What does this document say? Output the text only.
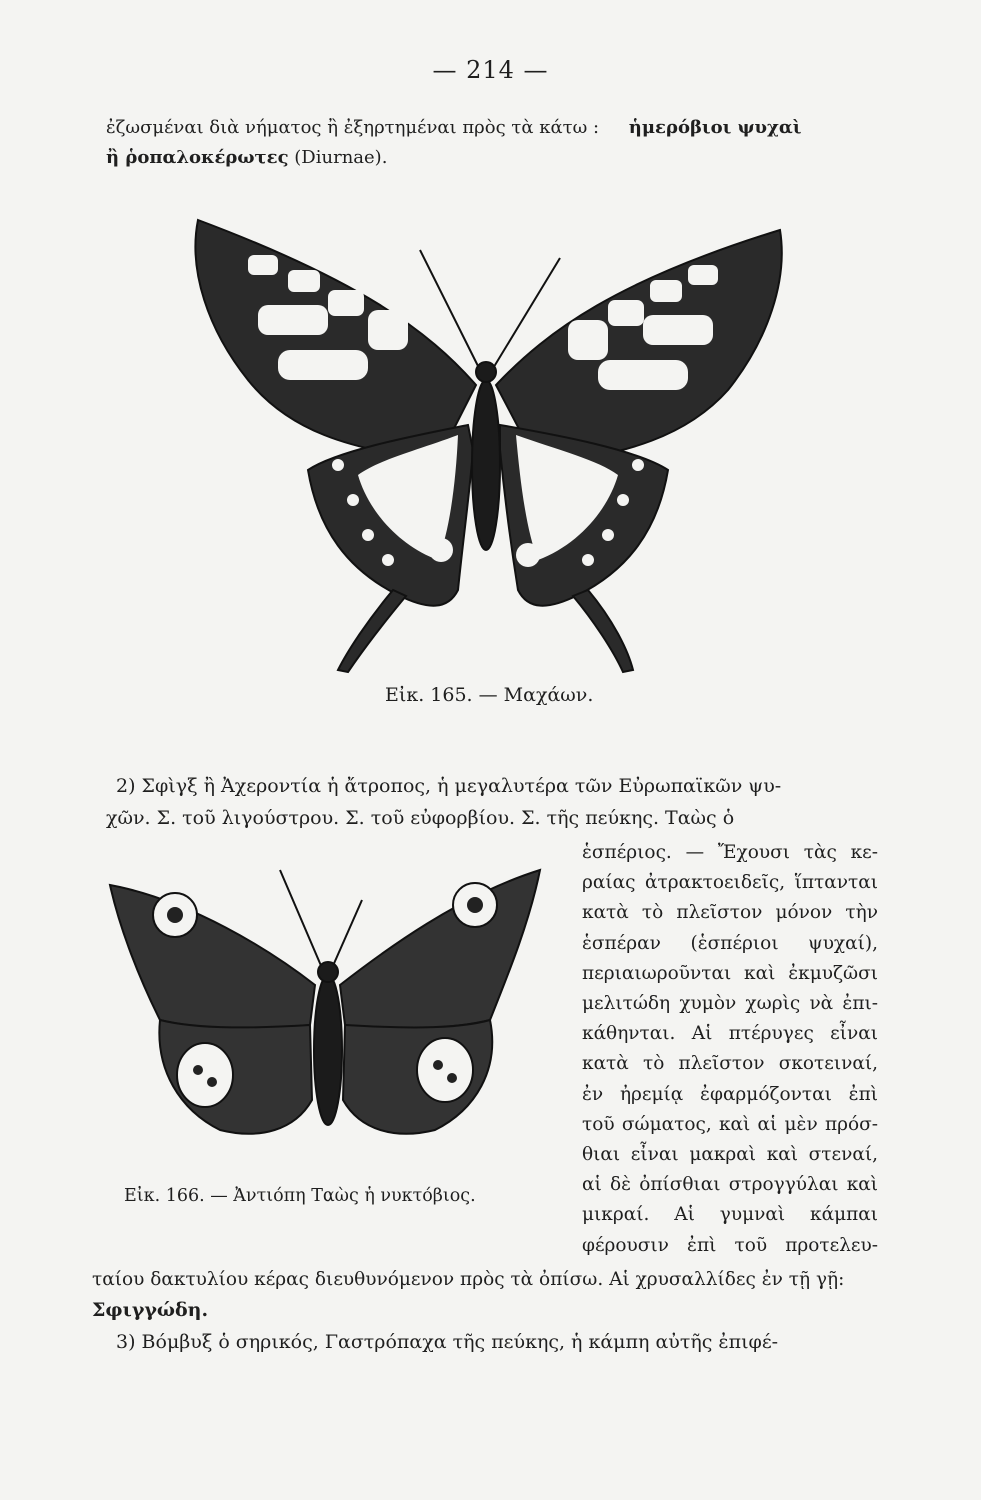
— 214 —
ἐζωσμέναι διὰ νήματος ἢ ἐξηρτημέναι πρὸς τὰ κάτω : ἡμερόβιοι ψυχαὶ
ἢ ῥοπαλοκέρωτες (Diurnae).
Εἰκ. 165. — Μαχάων.
2) Σφὶγξ ἢ Ἀχεροντία ἡ ἄτροπος, ἡ μεγαλυτέρα τῶν Εὐρωπαϊκῶν ψυ-
χῶν. Σ. τοῦ λιγούστρου. Σ. τοῦ εὐφορβίου. Σ. τῆς πεύκης. Ταὼς ὁ
Εἰκ. 166. — Ἀντιόπη Ταὼς ἡ νυκτόβιος.
ἑσπέριος. — Ἔχουσι τὰς κε-
ραίας ἀτρακτοειδεῖς, ἵπτανται
κατὰ τὸ πλεῖστον μόνον τὴν
ἑσπέραν (ἑσπέριοι ψυχαί),
περιαιωροῦνται καὶ ἐκμυζῶσι
μελιτώδη χυμὸν χωρὶς νὰ ἐπι-
κάθηνται. Αἱ πτέρυγες εἶναι
κατὰ τὸ πλεῖστον σκοτειναί,
ἐν ἠρεμίᾳ ἐφαρμόζονται ἐπὶ
τοῦ σώματος, καὶ αἱ μὲν πρόσ-
θιαι εἶναι μακραὶ καὶ στεναί,
αἱ δὲ ὀπίσθιαι στρογγύλαι καὶ
μικραί. Αἱ γυμναὶ κάμπαι
φέρουσιν ἐπὶ τοῦ προτελευ-
ταίου δακτυλίου κέρας διευθυνόμενον πρὸς τὰ ὀπίσω. Αἱ χρυσαλλίδες ἐν τῇ γῇ:
Σφιγγώδη.
3) Βόμβυξ ὁ σηρικός, Γαστρόπαχα τῆς πεύκης, ἡ κάμπη αὐτῆς ἐπιφέ-
